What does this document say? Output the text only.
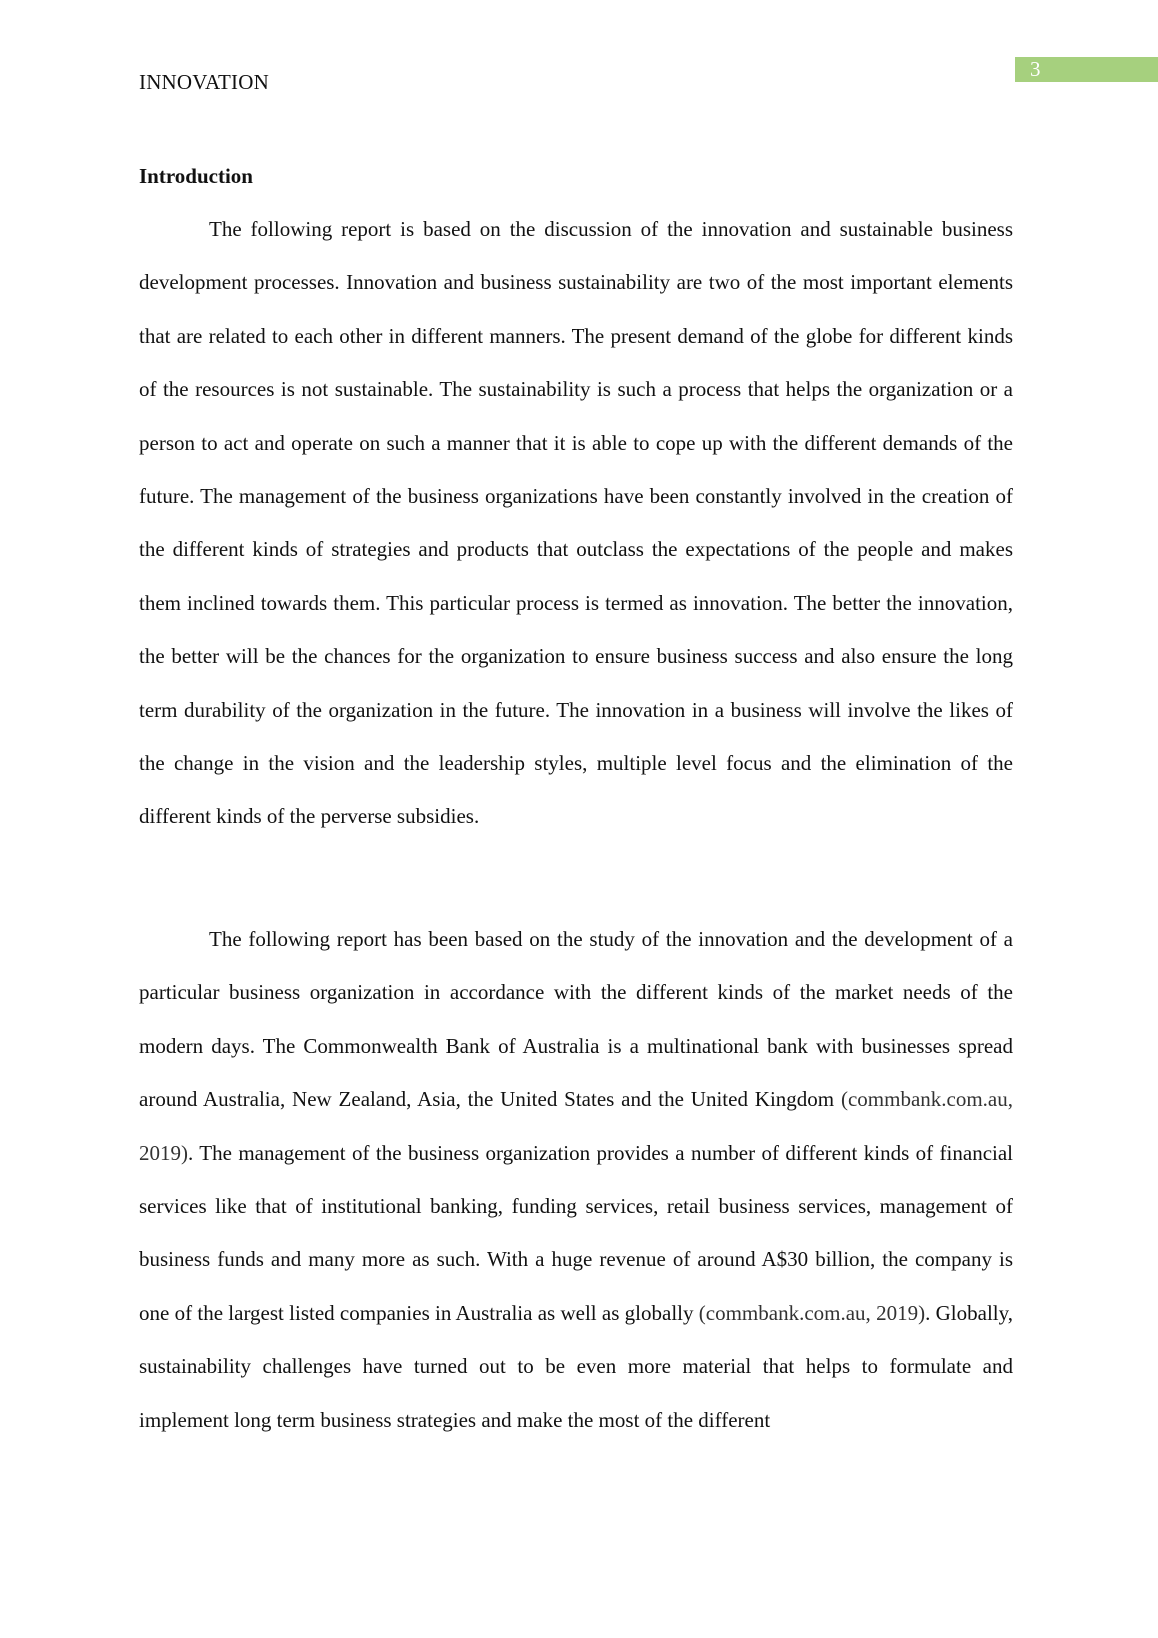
3
INNOVATION
Introduction

The following report is based on the discussion of the innovation and sustainable business development processes. Innovation and business sustainability are two of the most important elements that are related to each other in different manners. The present demand of the globe for different kinds of the resources is not sustainable. The sustainability is such a process that helps the organization or a person to act and operate on such a manner that it is able to cope up with the different demands of the future. The management of the business organizations have been constantly involved in the creation of the different kinds of strategies and products that outclass the expectations of the people and makes them inclined towards them. This particular process is termed as innovation. The better the innovation, the better will be the chances for the organization to ensure business success and also ensure the long term durability of the organization in the future. The innovation in a business will involve the likes of the change in the vision and the leadership styles, multiple level focus and the elimination of the different kinds of the perverse subsidies.

The following report has been based on the study of the innovation and the development of a particular business organization in accordance with the different kinds of the market needs of the modern days. The Commonwealth Bank of Australia is a multinational bank with businesses spread around Australia, New Zealand, Asia, the United States and the United Kingdom (commbank.com.au, 2019). The management of the business organization provides a number of different kinds of financial services like that of institutional banking, funding services, retail business services, management of business funds and many more as such. With a huge revenue of around A$30 billion, the company is one of the largest listed companies in Australia as well as globally (commbank.com.au, 2019). Globally, sustainability challenges have turned out to be even more material that helps to formulate and implement long term business strategies and make the most of the different
